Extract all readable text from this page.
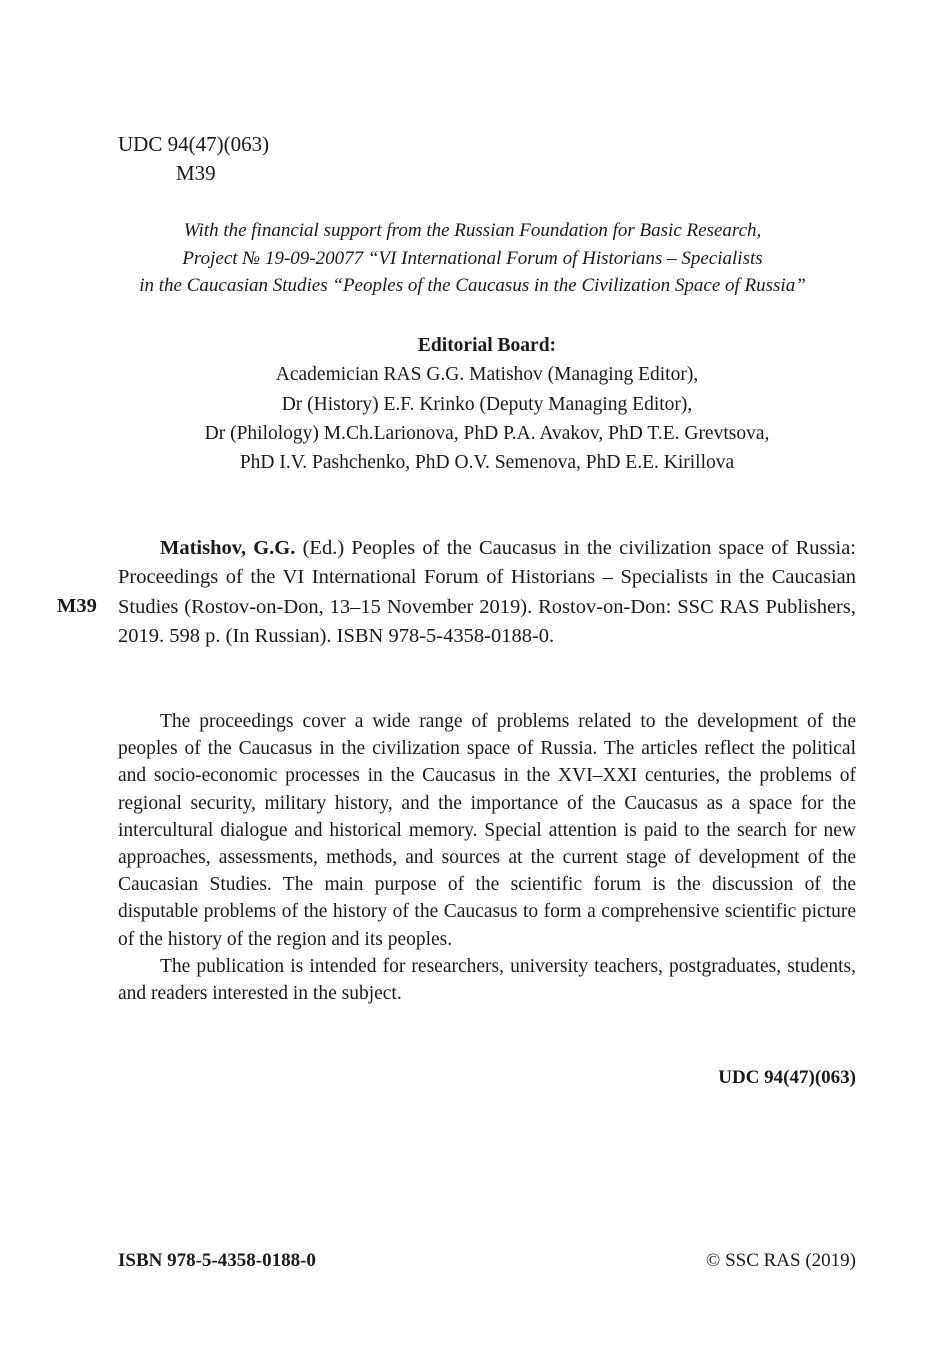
UDC 94(47)(063)
M39
With the financial support from the Russian Foundation for Basic Research,
Project № 19-09-20077 “VI International Forum of Historians – Specialists
in the Caucasian Studies “Peoples of the Caucasus in the Civilization Space of Russia”
Editorial Board:
Academician RAS G.G. Matishov (Managing Editor),
Dr (History) E.F. Krinko (Deputy Managing Editor),
Dr (Philology) M.Ch.Larionova, PhD P.A. Avakov, PhD T.E. Grevtsova,
PhD I.V. Pashchenko, PhD O.V. Semenova, PhD E.E. Kirillova
M39

Matishov, G.G. (Ed.) Peoples of the Caucasus in the civilization space of Russia: Proceedings of the VI International Forum of Historians – Specialists in the Caucasian Studies (Rostov-on-Don, 13–15 November 2019). Rostov-on-Don: SSC RAS Publishers, 2019. 598 p. (In Russian). ISBN 978-5-4358-0188-0.

The proceedings cover a wide range of problems related to the development of the peoples of the Caucasus in the civilization space of Russia. The articles reflect the political and socio-economic processes in the Caucasus in the XVI–XXI centuries, the problems of regional security, military history, and the importance of the Caucasus as a space for the intercultural dialogue and historical memory. Special attention is paid to the search for new approaches, assessments, methods, and sources at the current stage of development of the Caucasian Studies. The main purpose of the scientific forum is the discussion of the disputable problems of the history of the Caucasus to form a comprehensive scientific picture of the history of the region and its peoples.

The publication is intended for researchers, university teachers, postgraduates, students, and readers interested in the subject.

UDC 94(47)(063)
ISBN 978-5-4358-0188-0	© SSC RAS (2019)
